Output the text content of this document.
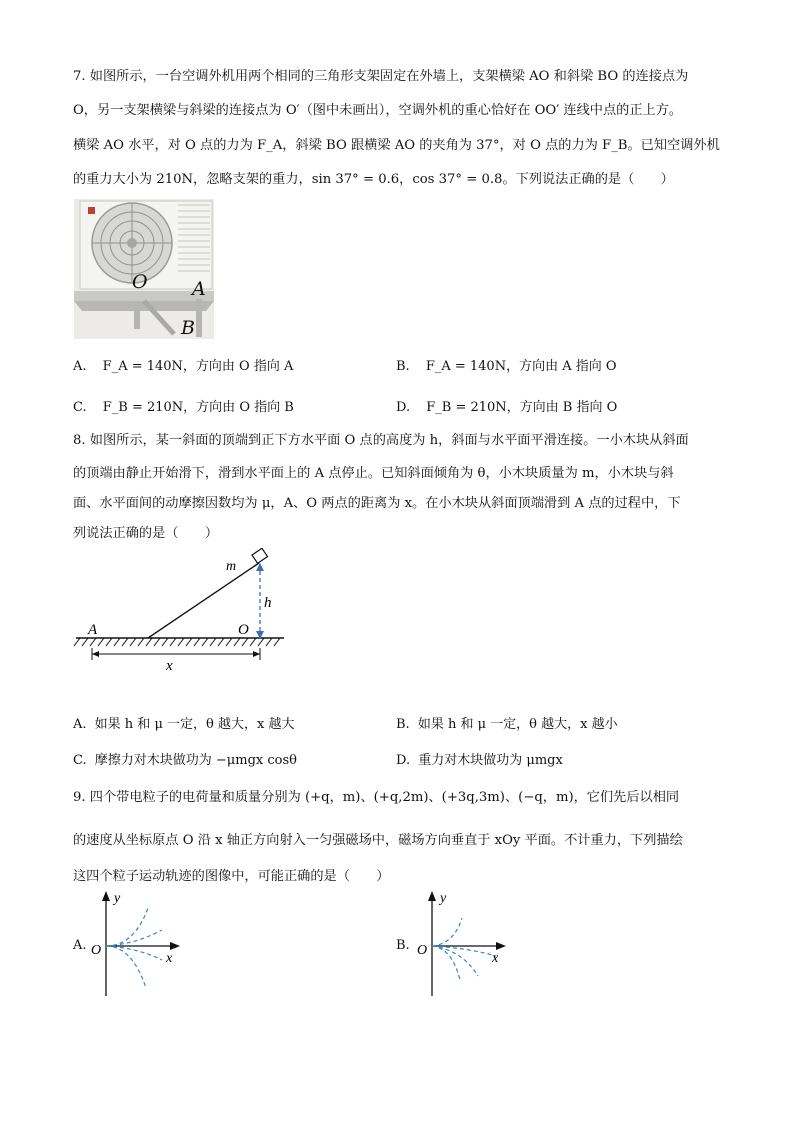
7. 如图所示，一台空调外机用两个相同的三角形支架固定在外墙上，支架横梁 AO 和斜梁 BO 的连接点为
O，另一支架横梁与斜梁的连接点为 O′（图中未画出），空调外机的重心恰好在 OO′ 连线中点的正上方。
横梁 AO 水平，对 O 点的力为 F_A，斜梁 BO 跟横梁 AO 的夹角为 37°，对 O 点的力为 F_B。已知空调外机
的重力大小为 210N，忽略支架的重力，sin 37° = 0.6，cos 37° = 0.8。下列说法正确的是（　　）
O A
B
A. F_A = 140N，方向由 O 指向 A	B. F_A = 140N，方向由 A 指向 O
C. F_B = 210N，方向由 O 指向 B	D. F_B = 210N，方向由 B 指向 O
8. 如图所示，某一斜面的顶端到正下方水平面 O 点的高度为 h，斜面与水平面平滑连接。一小木块从斜面
的顶端由静止开始滑下，滑到水平面上的 A 点停止。已知斜面倾角为 θ，小木块质量为 m，小木块与斜
面、水平面间的动摩擦因数均为 μ，A、O 两点的距离为 x。在小木块从斜面顶端滑到 A 点的过程中，下
列说法正确的是（　　）
m
h
A	O
x
A. 如果 h 和 μ 一定，θ 越大，x 越大	B. 如果 h 和 μ 一定，θ 越大，x 越小
C. 摩擦力对木块做功为 −μmgx cosθ	D. 重力对木块做功为 μmgx
9. 四个带电粒子的电荷量和质量分别为 (+q，m)、(+q,2m)、(+3q,3m)、(−q，m)，它们先后以相同
的速度从坐标原点 O 沿 x 轴正方向射入一匀强磁场中，磁场方向垂直于 xOy 平面。不计重力，下列描绘
这四个粒子运动轨迹的图像中，可能正确的是（　　）
A.
y
x
O	B.
y
x
O
